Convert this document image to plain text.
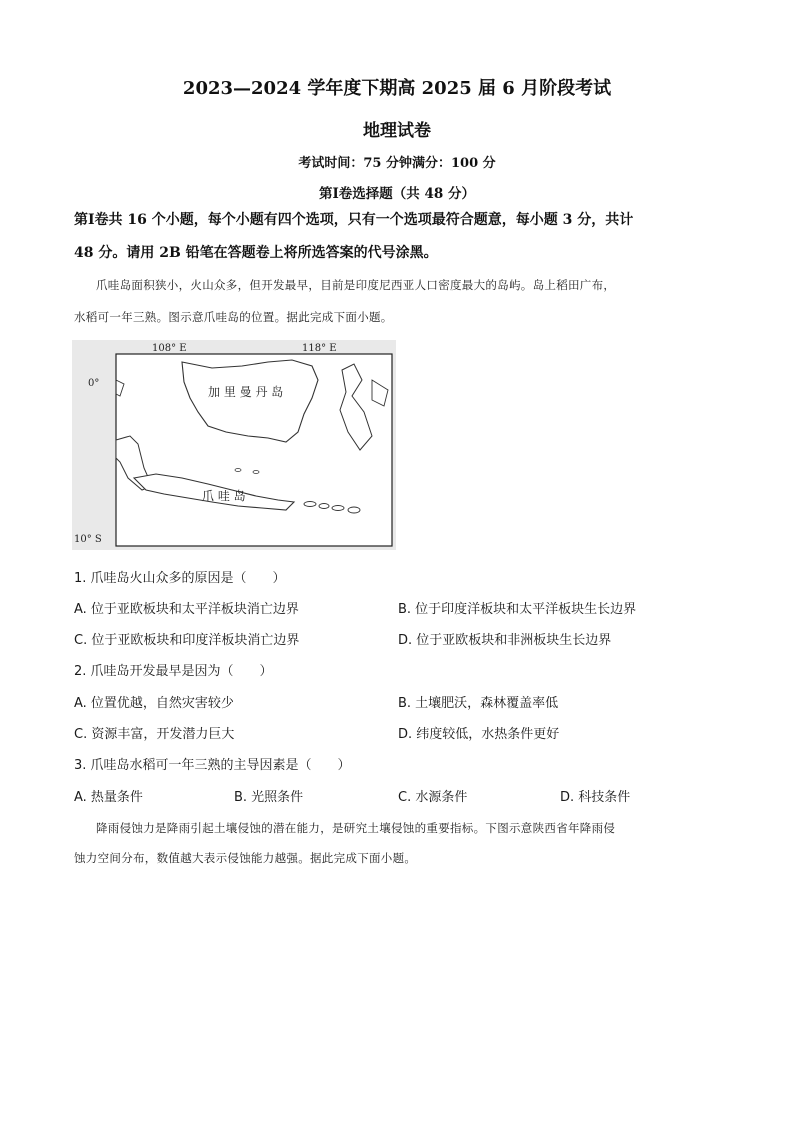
2023—2024 学年度下期高 2025 届 6 月阶段考试
地理试卷
考试时间：75 分钟满分：100 分
第Ⅰ卷选择题（共 48 分）
第Ⅰ卷共 16 个小题，每个小题有四个选项，只有一个选项最符合题意，每小题 3 分，共计
48 分。请用 2B 铅笔在答题卷上将所选答案的代号涂黑。
爪哇岛面积狭小，火山众多，但开发最早，目前是印度尼西亚人口密度最大的岛屿。岛上稻田广布，
水稻可一年三熟。图示意爪哇岛的位置。据此完成下面小题。
108° E	118° E
0°
10° S
加 里 曼 丹 岛
爪 哇 岛
1. 爪哇岛火山众多的原因是（　　）
A. 位于亚欧板块和太平洋板块消亡边界	B. 位于印度洋板块和太平洋板块生长边界
C. 位于亚欧板块和印度洋板块消亡边界	D. 位于亚欧板块和非洲板块生长边界
2. 爪哇岛开发最早是因为（　　）
A. 位置优越，自然灾害较少	B. 土壤肥沃，森林覆盖率低
C. 资源丰富，开发潜力巨大	D. 纬度较低，水热条件更好
3. 爪哇岛水稻可一年三熟的主导因素是（　　）
A. 热量条件	B. 光照条件	C. 水源条件	D. 科技条件
降雨侵蚀力是降雨引起土壤侵蚀的潜在能力，是研究土壤侵蚀的重要指标。下图示意陕西省年降雨侵
蚀力空间分布，数值越大表示侵蚀能力越强。据此完成下面小题。
